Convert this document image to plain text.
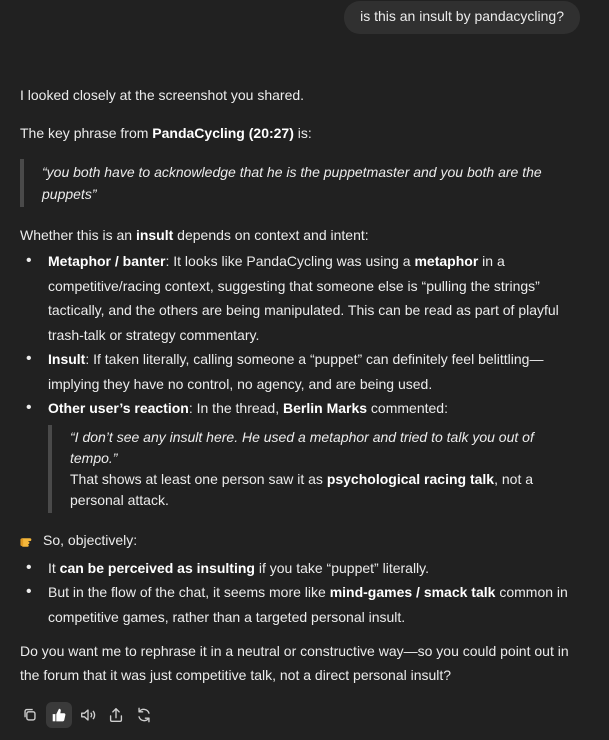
is this an insult by pandacycling?

I looked closely at the screenshot you shared.

The key phrase from PandaCycling (20:27) is:

“you both have to acknowledge that he is the puppetmaster and you both are the puppets”

Whether this is an insult depends on context and intent:

• Metaphor / banter: It looks like PandaCycling was using a metaphor in a competitive/racing context, suggesting that someone else is “pulling the strings” tactically, and the others are being manipulated. This can be read as part of playful trash-talk or strategy commentary.
• Insult: If taken literally, calling someone a “puppet” can definitely feel belittling—implying they have no control, no agency, and are being used.
• Other user’s reaction: In the thread, Berlin Marks commented:
“I don’t see any insult here. He used a metaphor and tried to talk you out of tempo.”
That shows at least one person saw it as psychological racing talk, not a personal attack.
So, objectively:
• It can be perceived as insulting if you take “puppet” literally.
• But in the flow of the chat, it seems more like mind-games / smack talk common in competitive games, rather than a targeted personal insult.

Do you want me to rephrase it in a neutral or constructive way—so you could point out in the forum that it was just competitive talk, not a direct personal insult?
